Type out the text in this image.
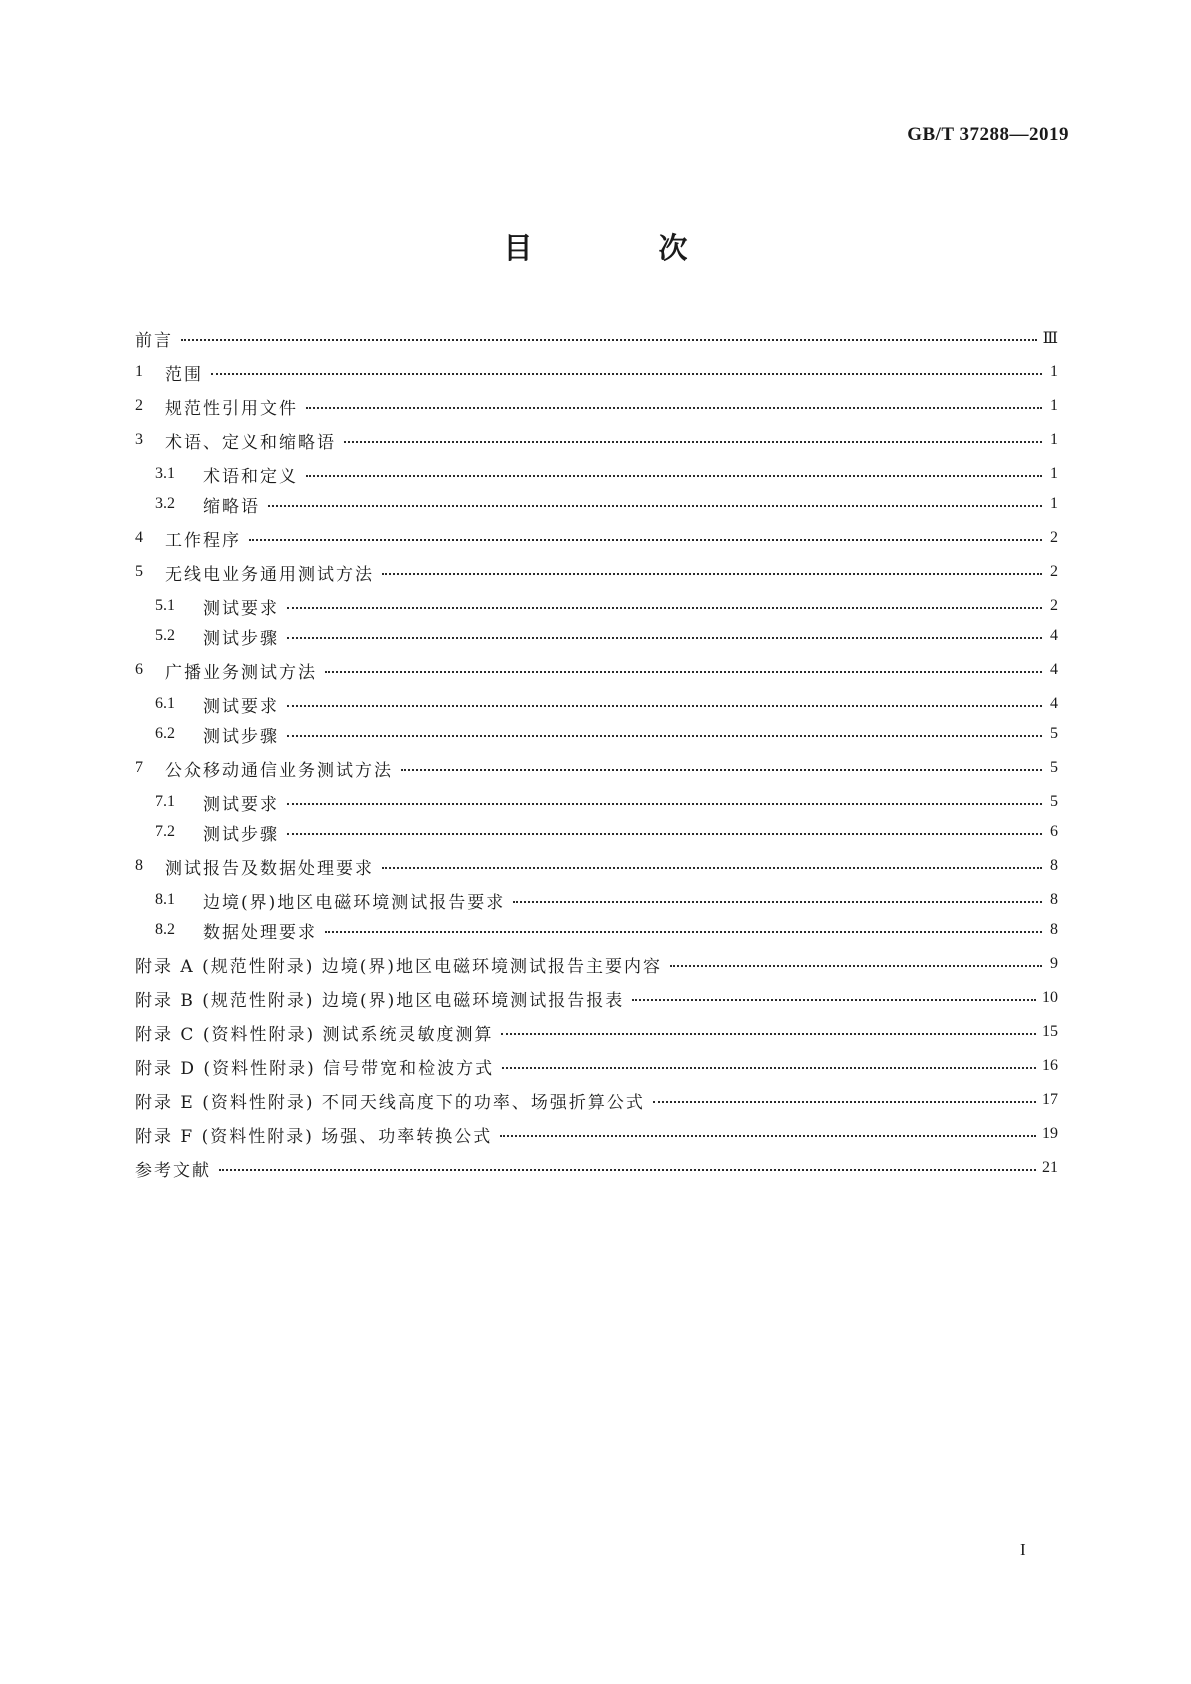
GB/T 37288—2019
目 次
前言	Ⅲ
1	范围	1
2	规范性引用文件	1
3	术语、定义和缩略语	1
3.1	术语和定义	1
3.2	缩略语	1
4	工作程序	2
5	无线电业务通用测试方法	2
5.1	测试要求	2
5.2	测试步骤	4
6	广播业务测试方法	4
6.1	测试要求	4
6.2	测试步骤	5
7	公众移动通信业务测试方法	5
7.1	测试要求	5
7.2	测试步骤	6
8	测试报告及数据处理要求	8
8.1	边境(界)地区电磁环境测试报告要求	8
8.2	数据处理要求	8
附录 A (规范性附录) 边境(界)地区电磁环境测试报告主要内容	9
附录 B (规范性附录) 边境(界)地区电磁环境测试报告报表	10
附录 C (资料性附录) 测试系统灵敏度测算	15
附录 D (资料性附录) 信号带宽和检波方式	16
附录 E (资料性附录) 不同天线高度下的功率、场强折算公式	17
附录 F (资料性附录) 场强、功率转换公式	19
参考文献	21
I
